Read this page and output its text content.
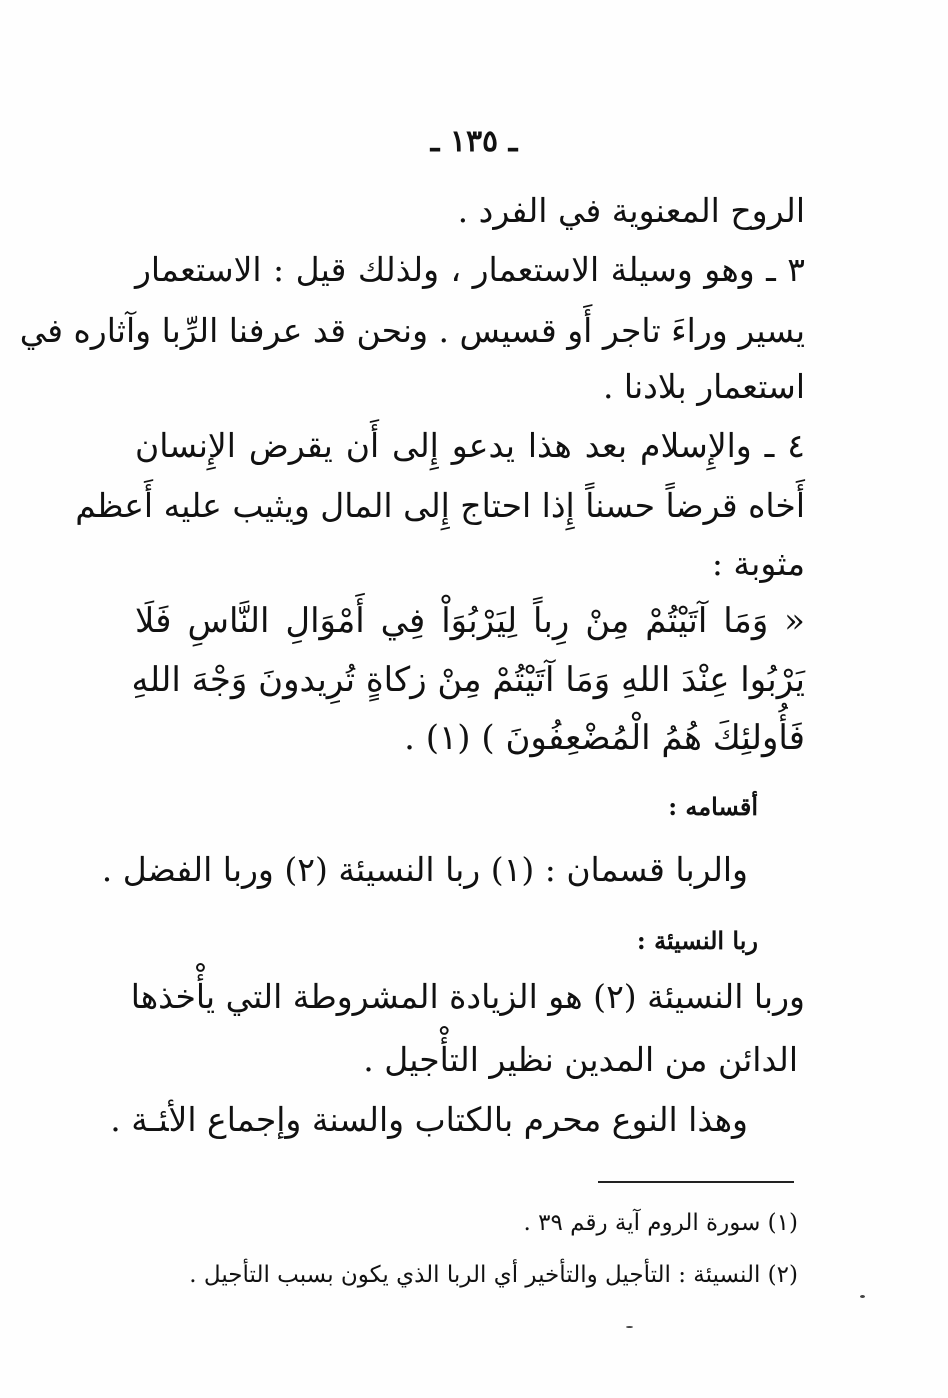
ـ ١٣٥ ـ
الروح المعنوية في الفرد .
٣ ـ وهو وسيلة الاستعمار ، ولذلك قيل : الاستعمار
يسير وراءَ تاجر أَو قسيس . ونحن قد عرفنا الرِّبا وآثاره في
استعمار بلادنا .
٤ ـ والإِسلام بعد هذا يدعو إِلى أَن يقرض الإِنسان
أَخاه قرضاً حسناً إِذا احتاج إِلى المال ويثيب عليه أَعظم
مثوبة :
« وَمَا آتَيْتُمْ مِنْ رِباً لِيَرْبُوَاْ فِي أَمْوَالِ النَّاسِ فَلَا
يَرْبُوا عِنْدَ اللهِ وَمَا آتَيْتُمْ مِنْ زكاةٍ تُرِيدونَ وَجْهَ اللهِ
فَأُولئِكَ هُمُ الْمُضْعِفُونَ ) (١) .
أقسامه :
والربا قسمان : (١) ربا النسيئة (٢) وربا الفضل .
ربا النسيئة :
وربا النسيئة (٢) هو الزيادة المشروطة التي يأْخذها
الدائن من المدين نظير التأْجيل .
وهذا النوع محرم بالكتاب والسنة وإجماع الأ‍ئـ‍ة .
(١) سورة الروم آية رقم ٣٩ .
(٢) النسيئة : التأجيل والتأخير أي الربا الذي يكون بسبب التأجيل .
